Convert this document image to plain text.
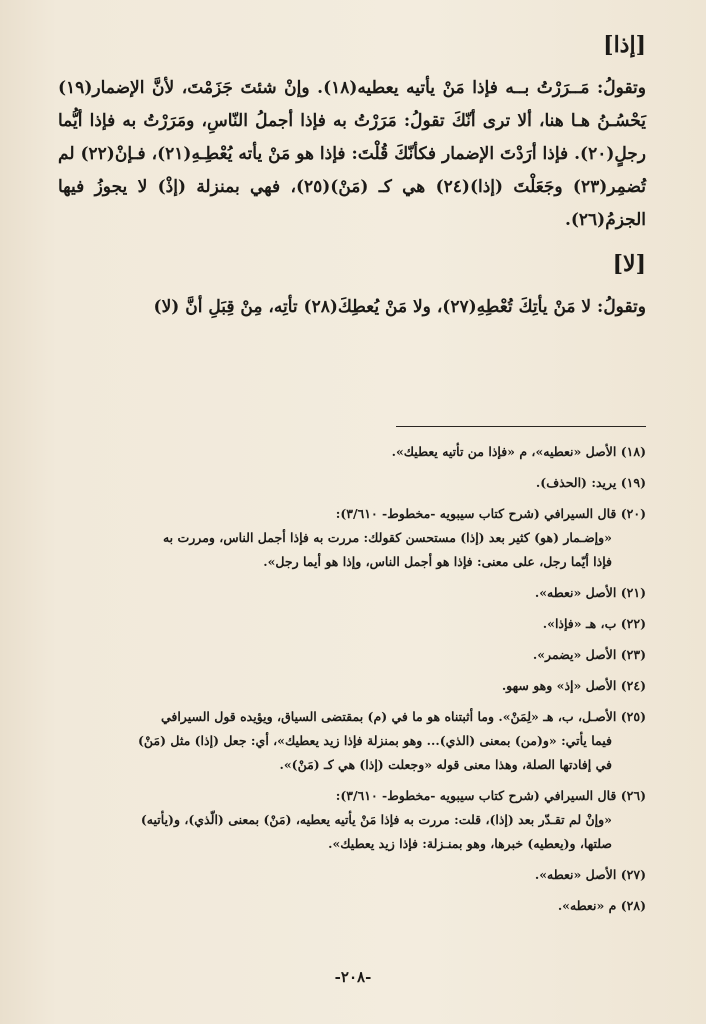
[إذا]

وتقولُ: مَــرَرْتُ بــه فإذا مَنْ يأتيه يعطيه(١٨). وإنْ شئتَ جَزَمْتَ، لأنَّ الإضمار(١٩) يَحْسُـنُ هـا هنا، ألا ترى أنّكَ تقولُ: مَرَرْتُ به فإذا أجملُ النّاسِ، ومَرَرْتُ به فإذا أيُّما رجلٍ(٢٠). فإذا أرَدْتَ الإضمار فكأنّكَ قُلْتَ: فإذا هو مَنْ يأته يُعْطِـهِ(٢١)، فـإنْ(٢٢) لم تُضمِر(٢٣) وجَعَلْتَ (إذا)(٢٤) هي كـ (مَنْ)(٢٥)، فهي بمنزلة (إذْ) لا يجوزُ فيها الجزمُ(٢٦).

[لا]

وتقولُ: لا مَنْ يأتِكَ تُعْطِهِ(٢٧)، ولا مَنْ يُعطِكَ(٢٨) تأتِه، مِنْ قِبَلِ أنَّ (لا)

(١٨) الأصل «نعطيه»، م «فإذا من تأتيه يعطيك».

(١٩) يريد: (الحذف).

(٢٠) قال السيرافي (شرح كتاب سيبويه -مخطوط- ٣/٦١٠):
«وإضـمار (هو) كثير بعد (إذا) مستحسن كقولك: مررت به فإذا أجمل الناس، ومررت به
فإذا أيّما رجل، على معنى: فإذا هو أجمل الناس، وإذا هو أيما رجل».

(٢١) الأصل «نعطه».

(٢٢) ب، هـ «فإذا».

(٢٣) الأصل «يضمر».

(٢٤) الأصل «إذ» وهو سهو.

(٢٥) الأصـل، ب، هـ «لِمَنْ». وما أثبتناه هو ما في (م) بمقتضى السياق، ويؤيده قول السيرافي
فيما يأتي: «و(من) بمعنى (الذي)... وهو بمنزلة فإذا زيد يعطيك»، أي: جعل (إذا) مثل (مَنْ)
في إفادتها الصلة، وهذا معنى قوله «وجعلت (إذا) هي كـ (مَنْ)».

(٢٦) قال السيرافي (شرح كتاب سيبويه -مخطوط- ٣/٦١٠):
«وإنْ لم تقـدّر بعد (إذا)، قلت: مررت به فإذا مَنْ يأتيه يعطيه، (مَنْ) بمعنى (الّذي)، و(يأتيه)
صلتها، و(يعطيه) خبرها، وهو بمنـزلة: فإذا زيد يعطيك».

(٢٧) الأصل «نعطه».

(٢٨) م «نعطه».

-٢٠٨-
